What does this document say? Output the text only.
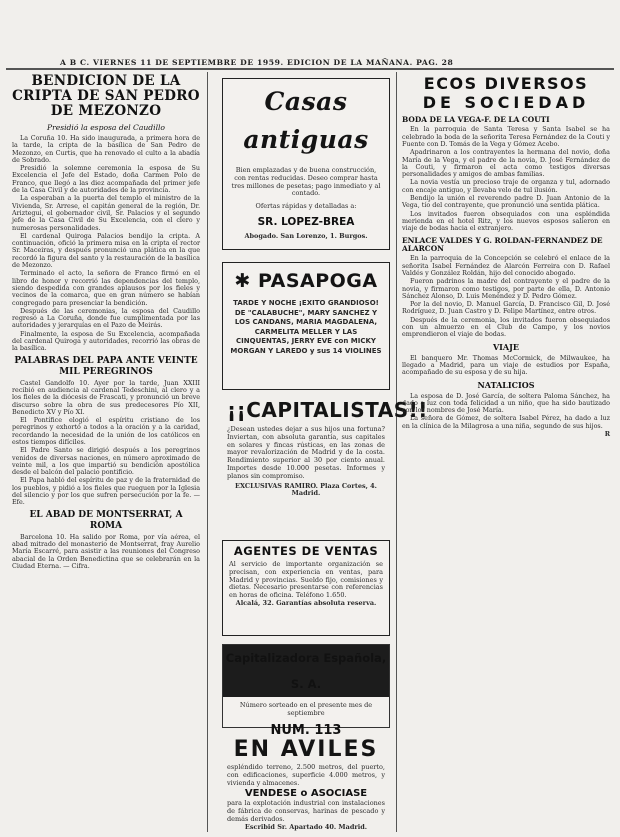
A B C. VIERNES 11 DE SEPTIEMBRE DE 1959. EDICION DE LA MAÑANA. PAG. 28
BENDICION DE LA CRIPTA DE SAN PEDRO DE MEZONZO
Presidió la esposa del Caudillo
La Coruña 10. Ha sido inaugurada, a primera hora de la tarde, la cripta de la basílica de San Pedro de Mezonzo, en Curtis, que ha renovado el culto a la abadía de Sobrado.
Presidió la solemne ceremonia la esposa de Su Excelencia el Jefe del Estado, doña Carmen Polo de Franco, que llegó a las diez acompañada del primer jefe de la Casa Civil y de autoridades de la provincia.
La esperaban a la puerta del templo el ministro de la Vivienda, Sr. Arrese, el capitán general de la región, Dr. Ariztegui, el gobernador civil, Sr. Palacios y el segundo jefe de la Casa Civil de Su Excelencia, con el clero y numerosas personalidades.
El cardenal Quiroga Palacios bendijo la cripta. A continuación, ofició la primera misa en la cripta el rector Sr. Maceiras, y después pronunció una plática en la que recordó la figura del santo y la restauración de la basílica de Mezonzo.
Terminado el acto, la señora de Franco firmó en el libro de honor y recorrió las dependencias del templo, siendo despedida con grandes aplausos por los fieles y vecinos de la comarca, que en gran número se habían congregado para presenciar la bendición.
Después de las ceremonias, la esposa del Caudillo regresó a La Coruña, donde fue cumplimentada por las autoridades y jerarquías en el Pazo de Meirás.
Finalmente, la esposa de Su Excelencia, acompañada del cardenal Quiroga y autoridades, recorrió las obras de la basílica.
PALABRAS DEL PAPA ANTE VEINTE MIL PEREGRINOS
Castel Gandolfo 10. Ayer por la tarde, Juan XXIII recibió en audiencia al cardenal Tedeschini, al clero y a los fieles de la diócesis de Frascati, y pronunció un breve discurso sobre la obra de sus predecesores Pío XII, Benedicto XV y Pío XI.
El Pontífice elogió el espíritu cristiano de los peregrinos y exhortó a todos a la oración y a la caridad, recordando la necesidad de la unión de los católicos en estos tiempos difíciles.
El Padre Santo se dirigió después a los peregrinos venidos de diversas naciones, en número aproximado de veinte mil, a los que impartió su bendición apostólica desde el balcón del palacio pontificio.
El Papa habló del espíritu de paz y de la fraternidad de los pueblos, y pidió a los fieles que rueguen por la Iglesia del silencio y por los que sufren persecución por la fe. — Efe.
EL ABAD DE MONTSERRAT, A ROMA
Barcelona 10. Ha salido por Roma, por vía aérea, el abad mitrado del monasterio de Montserrat, fray Aurelio María Escarré, para asistir a las reuniones del Congreso abacial de la Orden Benedictina que se celebrarán en la Ciudad Eterna. — Cifra.
Casas antiguas
Bien emplazadas y de buena construcción, con rentas reducidas. Deseo comprar hasta tres millones de pesetas; pago inmediato y al contado.
Ofertas rápidas y detalladas a:
SR. LOPEZ-BREA
Abogado. San Lorenzo, 1. Burgos.
✱ PASAPOGA
TARDE Y NOCHE ¡EXITO GRANDIOSO! DE "CALABUCHE", MARY SANCHEZ Y LOS CANDANS, MARIA MAGDALENA, CARMELITA MELLER Y LAS CINQUENTAS, JERRY EVE con MICKY MORGAN Y LAREDO y sus 14 VIOLINES
¡¡CAPITALISTAS!!
¿Desean ustedes dejar a sus hijos una fortuna? Inviertan, con absoluta garantía, sus capitales en solares y fincas rústicas, en las zonas de mayor revalorización de Madrid y de la costa. Rendimiento superior al 30 por ciento anual. Importes desde 10.000 pesetas. Informes y planos sin compromiso.
EXCLUSIVAS RAMIRO. Plaza Cortes, 4. Madrid.
AGENTES DE VENTAS
Al servicio de importante organización se precisan, con experiencia en ventas, para Madrid y provincias. Sueldo fijo, comisiones y dietas. Necesario presentarse con referencias en horas de oficina. Teléfono 1.650.
Alcalá, 32. Garantías absoluta reserva.
Capitalizadora Española, S. A.
Número sorteado en el presente mes de septiembre
NUM. 113
EN AVILES
espléndido terreno, 2.500 metros, del puerto, con edificaciones, superficie 4.000 metros, y vivienda y almacenes.
VENDESE o ASOCIASE
para la explotación industrial con instalaciones de fábrica de conservas, harinas de pescado y demás derivados.
Escribid Sr. Apartado 40. Madrid.
ECOS DIVERSOS
DE SOCIEDAD
BODA DE LA VEGA-F. DE LA COUTI
En la parroquia de Santa Teresa y Santa Isabel se ha celebrado la boda de la señorita Teresa Fernández de la Couti y Fuente con D. Tomás de la Vega y Gómez Acebo.
Apadrinaron a los contrayentes la hermana del novio, doña María de la Vega, y el padre de la novia, D. José Fernández de la Couti, y firmaron el acta como testigos diversas personalidades y amigos de ambas familias.
La novia vestía un precioso traje de organza y tul, adornado con encaje antiguo, y llevaba velo de tul ilusión.
Bendijo la unión el reverendo padre D. Juan Antonio de la Vega, tío del contrayente, que pronunció una sentida plática.
Los invitados fueron obsequiados con una espléndida merienda en el hotel Ritz, y los nuevos esposos salieron en viaje de bodas hacia el extranjero.
ENLACE VALDES Y G. ROLDAN-FERNANDEZ DE ALARCON
En la parroquia de la Concepción se celebró el enlace de la señorita Isabel Fernández de Alarcón Ferreira con D. Rafael Valdés y González Roldán, hijo del conocido abogado.
Fueron padrinos la madre del contrayente y el padre de la novia, y firmaron como testigos, por parte de ella, D. Antonio Sánchez Alonso, D. Luis Menéndez y D. Pedro Gómez.
Por la del novio, D. Manuel García, D. Francisco Gil, D. José Rodríguez, D. Juan Castro y D. Felipe Martínez, entre otros.
Después de la ceremonia, los invitados fueron obsequiados con un almuerzo en el Club de Campo, y los novios emprendieron el viaje de bodas.
VIAJE
El banquero Mr. Thomas McCormick, de Milwaukee, ha llegado a Madrid, para un viaje de estudios por España, acompañado de su esposa y de su hija.
NATALICIOS
La esposa de D. José García, de soltera Paloma Sánchez, ha dado a luz con toda felicidad a un niño, que ha sido bautizado con los nombres de José María.
La señora de Gómez, de soltera Isabel Pérez, ha dado a luz en la clínica de la Milagrosa a una niña, segundo de sus hijos.
R
